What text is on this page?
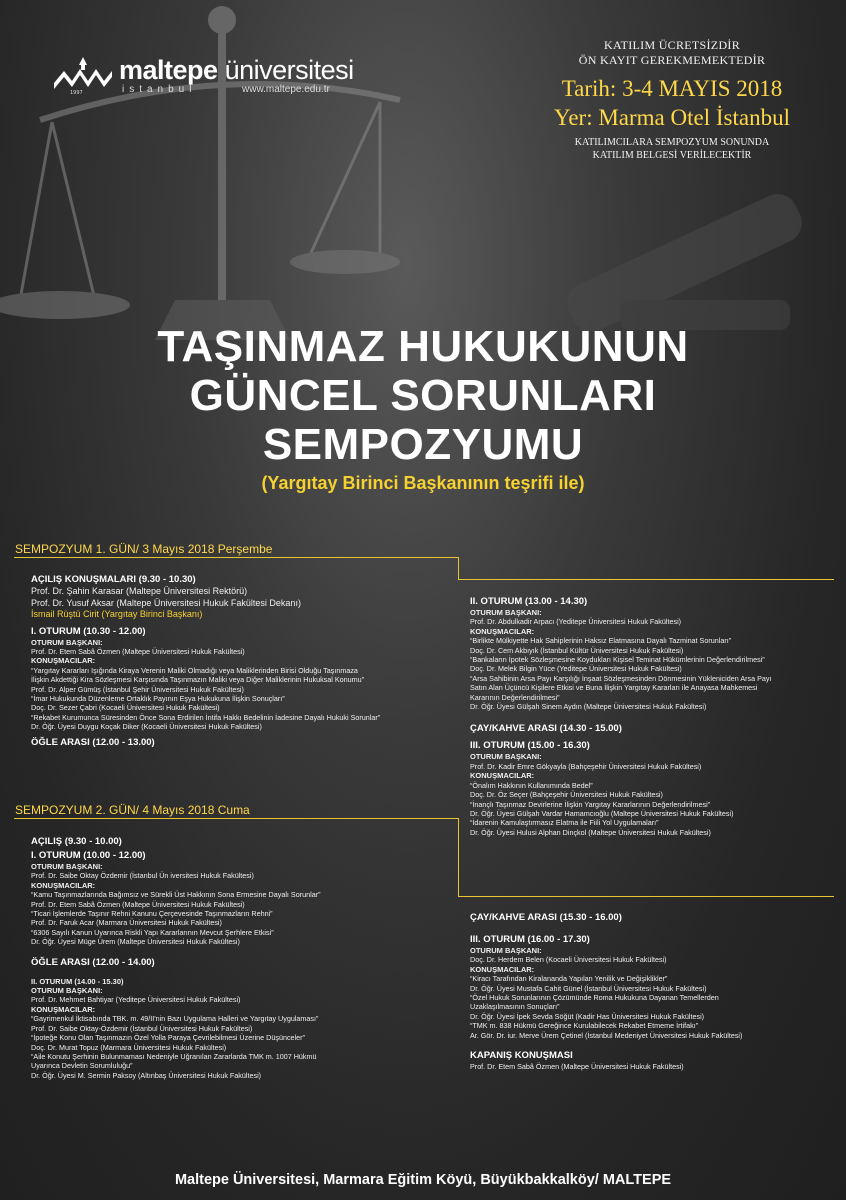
1997
maltepe üniversitesi
istanbul	www.maltepe.edu.tr
KATILIM ÜCRETSİZDİR
ÖN KAYIT GEREKMEMEKTEDİR
Tarih: 3-4 MAYIS 2018
Yer: Marma Otel İstanbul
KATILIMCILARA SEMPOZYUM SONUNDA
KATILIM BELGESİ VERİLECEKTİR
TAŞINMAZ HUKUKUNUN
GÜNCEL SORUNLARI
SEMPOZYUMU
(Yargıtay Birinci Başkanının teşrifi ile)
SEMPOZYUM 1. GÜN/ 3 Mayıs 2018 Perşembe
SEMPOZYUM 2. GÜN/ 4 Mayıs 2018 Cuma
AÇILIŞ KONUŞMALARI (9.30 - 10.30)
Prof. Dr. Şahin Karasar (Maltepe Üniversitesi Rektörü)
Prof. Dr. Yusuf Aksar (Maltepe Üniversitesi Hukuk Fakültesi Dekanı)
İsmail Rüştü Cirit (Yargıtay Birinci Başkanı)
I. OTURUM (10.30 - 12.00)
OTURUM BAŞKANI:
Prof. Dr. Etem Sabâ Özmen (Maltepe Üniversitesi Hukuk Fakültesi)
KONUŞMACILAR:
“Yargıtay Kararları Işığında Kiraya Verenin Maliki Olmadığı veya Maliklerinden Birisi Olduğu Taşınmaza
İlişkin Akdettiği Kira Sözleşmesi Karşısında Taşınmazın Maliki veya Diğer Maliklerinin Hukuksal Konumu”
Prof. Dr. Alper Gümüş (İstanbul Şehir Üniversitesi Hukuk Fakültesi)
“İmar Hukukunda Düzenleme Ortaklık Payının Eşya Hukukuna İlişkin Sonuçları”
Doç. Dr. Sezer Çabri (Kocaeli Üniversitesi Hukuk Fakültesi)
“Rekabet Kurumunca Süresinden Önce Sona Erdirilen İntifa Hakkı Bedelinin İadesine Dayalı Hukuki Sorunlar”
Dr. Öğr. Üyesi Duygu Koçak Diker (Kocaeli Üniversitesi Hukuk Fakültesi)
ÖĞLE ARASI (12.00 - 13.00)
II. OTURUM (13.00 - 14.30)
OTURUM BAŞKANI:
Prof. Dr. Abdulkadir Arpacı (Yeditepe Üniversitesi Hukuk Fakültesi)
KONUŞMACILAR:
“Birlikte Mülkiyette Hak Sahiplerinin Haksız Elatmasına Dayalı Tazminat Sorunları”
Doç. Dr. Cem Akbıyık (İstanbul Kültür Üniversitesi Hukuk Fakültesi)
“Bankaların İpotek Sözleşmesine Koydukları Kişisel Teminat Hükümlerinin Değerlendirilmesi”
Doç. Dr. Melek Bilgin Yüce (Yeditepe Üniversitesi Hukuk Fakültesi)
“Arsa Sahibinin Arsa Payı Karşılığı İnşaat Sözleşmesinden Dönmesinin Yükleniciden Arsa Payı
Satın Alan Üçüncü Kişilere Etkisi ve Buna İlişkin Yargıtay Kararları ile Anayasa Mahkemesi
Kararının Değerlendirilmesi”
Dr. Öğr. Üyesi Gülşah Sinem Aydın (Maltepe Üniversitesi Hukuk Fakültesi)
ÇAY/KAHVE ARASI (14.30 - 15.00)
III. OTURUM (15.00 - 16.30)
OTURUM BAŞKANI:
Prof. Dr. Kadir Emre Gökyayla (Bahçeşehir Üniversitesi Hukuk Fakültesi)
KONUŞMACILAR:
“Önalım Hakkının Kullanımında Bedel”
Doç. Dr. Öz Seçer (Bahçeşehir Üniversitesi Hukuk Fakültesi)
“İnançlı Taşınmaz Devirlerine İlişkin Yargıtay Kararlarının Değerlendirilmesi”
Dr. Öğr. Üyesi Gülşah Vardar Hamamcıoğlu (Maltepe Üniversitesi Hukuk Fakültesi)
“İdarenin Kamulaştırmasız Elatma ile Fiili Yol Uygulamaları”
Dr. Öğr. Üyesi Hulusi Alphan Dinçkol (Maltepe Üniversitesi Hukuk Fakültesi)
AÇILIŞ (9.30 - 10.00)
I. OTURUM (10.00 - 12.00)
OTURUM BAŞKANI:
Prof. Dr. Saibe Oktay Özdemir (İstanbul Ün iversitesi Hukuk Fakültesi)
KONUŞMACILAR:
“Kamu Taşınmazlarında Bağımsız ve Sürekli Üst Hakkının Sona Ermesine Dayalı Sorunlar”
Prof. Dr. Etem Sabâ Özmen (Maltepe Üniversitesi Hukuk Fakültesi)
“Ticari İşlemlerde Taşınır Rehni Kanunu Çerçevesinde Taşınmazların Rehni”
Prof. Dr. Faruk Acar (Marmara Üniversitesi Hukuk Fakültesi)
“6306 Sayılı Kanun Uyarınca Riskli Yapı Kararlarının Mevcut Şerhlere Etkisi”
Dr. Öğr. Üyesi Müge Ürem (Maltepe Üniversitesi Hukuk Fakültesi)
ÖĞLE ARASI (12.00 - 14.00)
II. OTURUM (14.00 - 15.30)
OTURUM BAŞKANI:
Prof. Dr. Mehmet Bahtiyar (Yeditepe Üniversitesi Hukuk Fakültesi)
KONUŞMACILAR:
“Gayrimenkul İktisabında TBK. m. 49/II'nin Bazı Uygulama Halleri ve Yargıtay Uygulaması”
Prof. Dr. Saibe Oktay-Özdemir (İstanbul Üniversitesi Hukuk Fakültesi)
“İpoteğe Konu Olan Taşınmazın Özel Yolla Paraya Çevrilebilmesi Üzerine Düşünceler”
Doç. Dr. Murat Topuz (Marmara Üniversitesi Hukuk Fakültesi)
“Aile Konutu Şerhinin Bulunmaması Nedeniyle Uğranılan Zararlarda TMK m. 1007 Hükmü
Uyarınca Devletin Sorumluluğu”
Dr. Öğr. Üyesi M. Sermin Paksoy (Altınbaş Üniversitesi Hukuk Fakültesi)
ÇAY/KAHVE ARASI (15.30 - 16.00)
III. OTURUM (16.00 - 17.30)
OTURUM BAŞKANI:
Doç. Dr. Herdem Belen (Kocaeli Üniversitesi Hukuk Fakültesi)
KONUŞMACILAR:
“Kiracı Tarafından Kiralananda Yapılan Yenilik ve Değişiklikler”
Dr. Öğr. Üyesi Mustafa Cahit Günel (İstanbul Üniversitesi Hukuk Fakültesi)
“Özel Hukuk Sorunlarının Çözümünde Roma Hukukuna Dayanan Temellerden
Uzaklaşılmasının Sonuçları”
Dr. Öğr. Üyesi İpek Sevda Söğüt (Kadir Has Üniversitesi Hukuk Fakültesi)
“TMK m. 838 Hükmü Gereğince Kurulabilecek Rekabet Etmeme İrtifakı”
Ar. Gör. Dr. iur. Merve Ürem Çetinel (İstanbul Medeniyet Üniversitesi Hukuk Fakültesi)
KAPANIŞ KONUŞMASI
Prof. Dr. Etem Sabâ Özmen (Maltepe Üniversitesi Hukuk Fakültesi)
Maltepe Üniversitesi, Marmara Eğitim Köyü, Büyükbakkalköy/ MALTEPE
